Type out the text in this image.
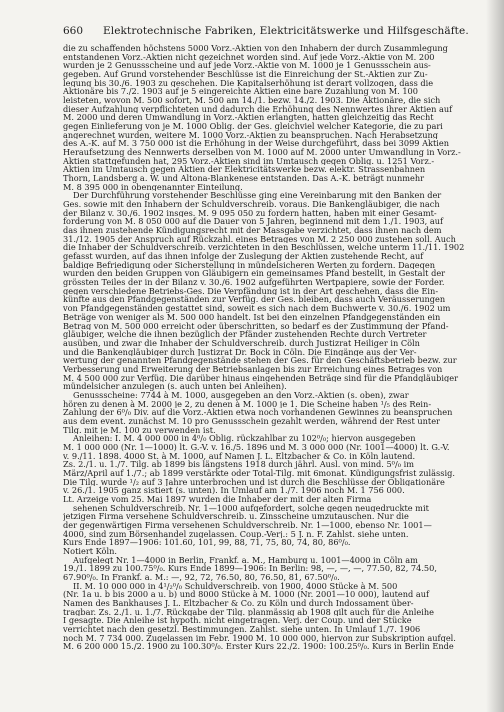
660 Elektrotechnische Fabriken, Elektricitätswerke und Hilfsgeschäfte.
die zu schaffenden höchstens 5000 Vorz.-Aktien von den Inhabern der durch Zusammlegung
entstandenen Vorz.-Aktien nicht gezeichnet worden sind. Auf jede Vorz.-Aktie von M. 200
wurden je 2 Genussscheine und auf jede Vorz.-Aktie von M. 1000 je 1 Genussschein aus-
gegeben. Auf Grund vorstehender Beschlüsse ist die Einreichung der St.-Aktien zur Zu-
legung bis 30./6. 1903 zu geschehen. Die Kapitalserhöhung ist derart vollzogen, dass die
Aktionäre bis 7./2. 1903 auf je 5 eingereichte Aktien eine bare Zuzahlung von M. 100
leisteten, wovon M. 500 sofort, M. 500 am 14./1. bezw. 14./2. 1903. Die Aktionäre, die sich
dieser Aufzahlung verpflichteten und dadurch die Erhöhung des Nennwertes ihrer Aktien auf
M. 2000 und deren Umwandlung in Vorz.-Aktien erlangten, hatten gleichzeitig das Recht
gegen Einlieferung von je M. 1000 Oblig. der Ges. gleichviel welcher Kategorie, die zu pari
angerechnet wurden, weitere M. 1000 Vorz.-Aktien zu beanspruchen. Nach Herabsetzung
des A.-K. auf M. 3 750 000 ist die Erhöhung in der Weise durchgeführt, dass bei 3099 Aktien
Heraufsetzung des Nennwerts derselben von M. 1000 auf M. 2000 unter Umwandlung in Vorz.-
Aktien stattgefunden hat, 295 Vorz.-Aktien sind im Umtausch gegen Oblig. u. 1251 Vorz.-
Aktien im Umtausch gegen Aktien der Elektricitätswerke bezw. elektr. Strassenbahnen
Thorn, Landsberg a. W. und Altona-Blankenese entstanden. Das A.-K. beträgt nunmehr
M. 8 395 000 in obengenannter Einteilung.
Der Durchführung vorstehender Beschlüsse ging eine Vereinbarung mit den Banken der
Ges. sowie mit den Inhabern der Schuldverschreib. voraus. Die Bankengläubiger, die nach
der Bilanz v. 30./6. 1902 insges. M. 9 095 050 zu fordern hatten, haben mit einer Gesamt-
forderung von M. 8 050 000 auf die Dauer von 5 Jahren, beginnend mit dem 1./1. 1903, auf
das ihnen zustehende Kündigungsrecht mit der Massgabe verzichtet, dass ihnen nach dem
31./12. 1905 der Anspruch auf Rückzahl. eines Betrages von M. 2 250 000 zustehen soll. Auch
die Inhaber der Schuldverschreib. verzichteten in den Beschlüssen, welche unterm 11./11. 1902
gefasst wurden, auf das ihnen infolge der Zuslegung der Aktien zustehende Recht, auf
baldige Befriedigung oder Sicherstellung in mündelsicheren Werten zu fordern. Dagegen
wurden den beiden Gruppen von Gläubigern ein gemeinsames Pfand bestellt, in Gestalt der
grössten Teiles der in der Bilanz v. 30./6. 1902 aufgeführten Wertpapiere, sowie der Forder.
gegen verschiedene Betriebs-Ges. Die Verpfändung ist in der Art geschehen, dass die Ein-
künfte aus den Pfandgegenständen zur Verfüg. der Ges. bleiben, dass auch Veräusserungen
von Pfandgegenständen gestattet sind, soweit es sich nach dem Buchwerte v. 30./6. 1902 um
Beträge von weniger als M. 500 000 handelt. Ist bei den einzelnen Pfandgegenständen ein
Betrag von M. 500 000 erreicht oder überschritten, so bedarf es der Zustimmung der Pfand-
gläubiger, welche die ihnen bezüglich der Pfänder zustehenden Rechte durch Vertreter
ausüben, und zwar die Inhaber der Schuldverschreib. durch Justizrat Heiliger in Cöln
und die Bankengläubiger durch Justizrat Dr. Bock in Cöln. Die Eingänge aus der Ver-
wertung der genannten Pfandgegenstände stehen der Ges. für den Geschäftsbetrieb bezw. zur
Verbesserung und Erweiterung der Betriebsanlagen bis zur Erreichung eines Betrages von
M. 4 500 000 zur Verfüg. Die darüber hinaus eingehenden Beträge sind für die Pfandgläubiger
mündelsicher anzulegen (s. auch unten bei Anleihen).
Genussscheine: 7744 à M. 1000, ausgegeben an den Vorz.-Aktien (s. oben), zwar
hören zu denen à M. 2000 je 2, zu denen à M. 1000 je 1. Die Scheine haben ¹/₅ des Rein-
Zahlung der 6⁰/₀ Div. auf die Vorz.-Aktien etwa noch vorhandenen Gewinnes zu beanspruchen
aus dem event. zunächst M. 10 pro Genussschein gezahlt werden, während der Rest unter
Tilg. mit je M. 100 zu verwenden ist.
Anleihen: I. M. 4 000 000 in 4⁰/₀ Oblig. rückzahlbar zu 102⁰/₀; hiervon ausgegeben
M. 1 000 000 (Nr. 1—1000) lt. G.-V. v. 16./5. 1896 und M. 3 000 000 (Nr. 1001—4000) lt. G.-V.
v. 9./11. 1898. 4000 St. à M. 1000, auf Namen J. L. Eltzbacher & Co. in Köln lautend.
Zs. 2./1. u. 1./7. Tilg. ab 1899 bis längstens 1918 durch jährl. Ausl. von mind. 5⁰/₀ im
März/April auf 1./7.; ab 1899 verstärkte oder Total-Tilg. mit 6monat. Kündigungsfrist zulässig.
Die Tilg. wurde ¹/₂ auf 3 Jahre unterbrochen und ist durch die Beschlüsse der Obligationäre
v. 26./1. 1905 ganz sistiert (s. unten). In Umlauf am 1./7. 1906 noch M. 1 756 000.
Lt. Arzeige vom 25. Mai 1897 wurden die Inhaber der mit der alten Firma
sehenen Schuldverschreib. Nr. 1—1000 aufgefordert, solche gegen neugedruckte mit
jetzigen Firma versehene Schuldverschreib. u. Zinsscheine umzutauschen. Nur die
der gegenwärtigen Firma versehenen Schuldverschreib. Nr. 1—1000, ebenso Nr. 1001—
4000, sind zum Börsenhandel zugelassen. Coup.-Verj.: 5 J. n. F. Zahlst. siehe unten.
Kurs Ende 1897—1906: 101.60, 101, 99, 88, 71, 75, 80, 74, 80, 86⁰/₀.
Notiert Köln.
Aufgelegt Nr. 1—4000 in Berlin, Frankf. a. M., Hamburg u. 1001—4000 in Cöln am
19./1. 1899 zu 100.75⁰/₀. Kurs Ende 1899—1906: In Berlin: 98, —, —, —, 77.50, 82, 74.50,
67.90⁰/₀. In Frankf. a. M.: —, 92, 72, 76.50, 80, 76.50, 81, 67.50⁰/₀.
II. M. 10 000 000 in 4¹/₂⁰/₀ Schuldverschreib. von 1900, 4000 Stücke à M. 500
(Nr. 1a u. b bis 2000 a u. b) und 8000 Stücke à M. 1000 (Nr. 2001—10 000), lautend auf
Namen des Bankhauses J. L. Eltzbacher & Co. zu Köln und durch Indossament über-
tragbar. Zs. 2./1. u. 1./7. Rückgabe der Tilg. planmässig ab 1908 gilt auch für die Anleihe
I gesagte. Die Anleihe ist hypoth. nicht eingetragen. Verj. der Coup. und der Stücke
verrichtet nach den gesetzl. Bestimmungen. Zahlst. siehe unten. In Umlauf 1./7. 1906
noch M. 7 734 000. Zugelassen im Febr. 1900 M. 10 000 000, hiervon zur Subskription aufgel.
M. 6 200 000 15./2. 1900 zu 100.30⁰/₀. Erster Kurs 22./2. 1900: 100.25⁰/₀. Kurs in Berlin Ende
